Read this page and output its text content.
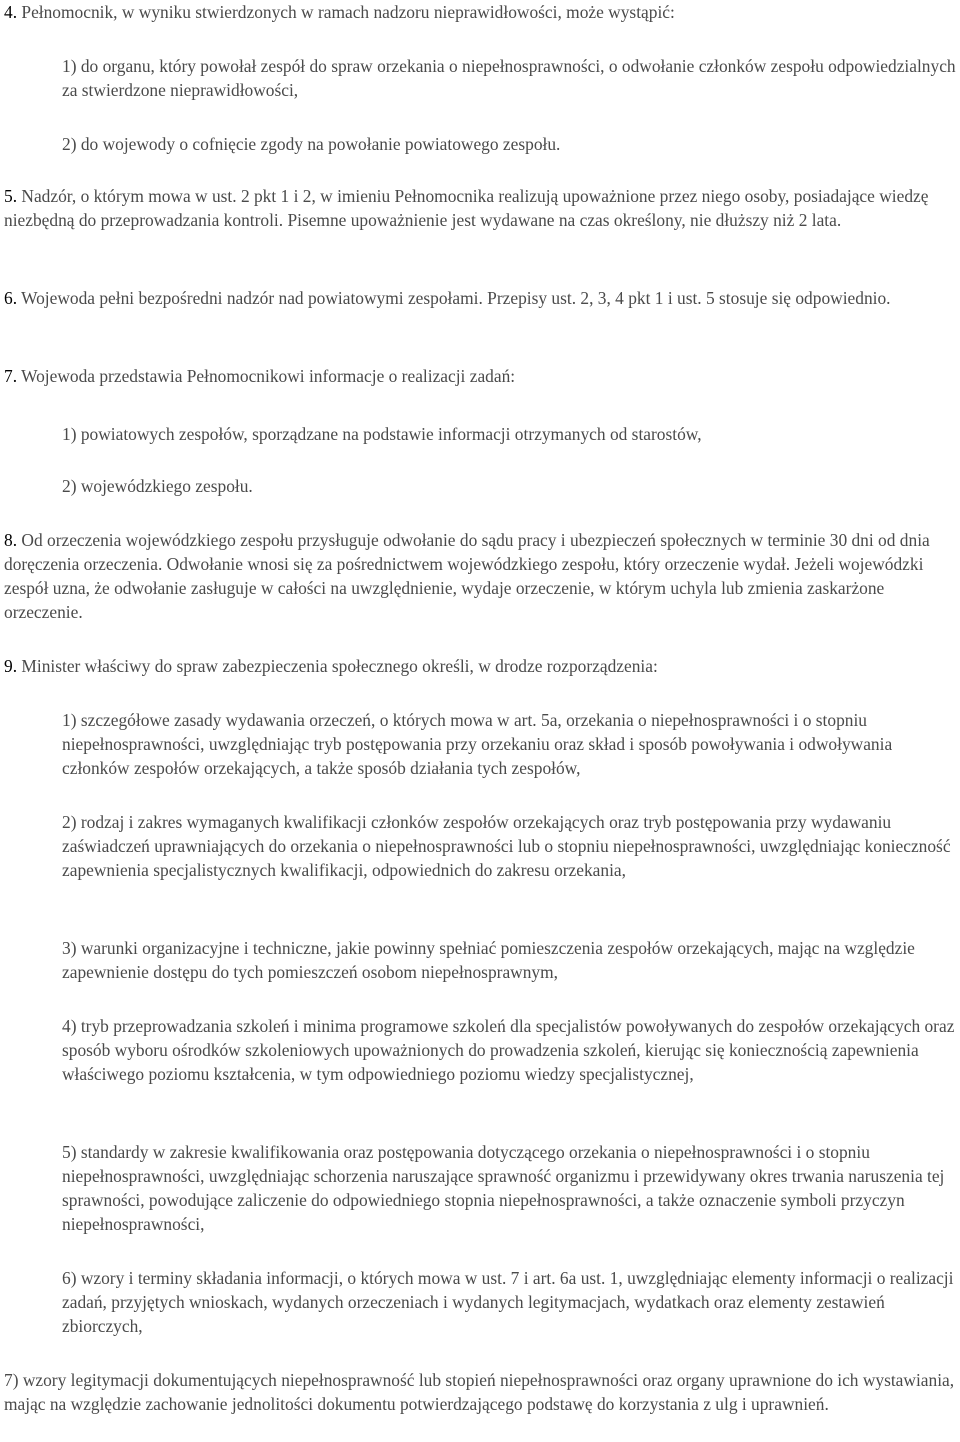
4. Pełnomocnik, w wyniku stwierdzonych w ramach nadzoru nieprawidłowości, może wystąpić:

1) do organu, który powołał zespół do spraw orzekania o niepełnosprawności, o odwołanie członków zespołu odpowiedzialnych za stwierdzone nieprawidłowości,

2) do wojewody o cofnięcie zgody na powołanie powiatowego zespołu.

5. Nadzór, o którym mowa w ust. 2 pkt 1 i 2, w imieniu Pełnomocnika realizują upoważnione przez niego osoby, posiadające wiedzę niezbędną do przeprowadzania kontroli. Pisemne upoważnienie jest wydawane na czas określony, nie dłuższy niż 2 lata.

6. Wojewoda pełni bezpośredni nadzór nad powiatowymi zespołami. Przepisy ust. 2, 3, 4 pkt 1 i ust. 5 stosuje się odpowiednio.

7. Wojewoda przedstawia Pełnomocnikowi informacje o realizacji zadań:

1) powiatowych zespołów, sporządzane na podstawie informacji otrzymanych od starostów,

2) wojewódzkiego zespołu.

8. Od orzeczenia wojewódzkiego zespołu przysługuje odwołanie do sądu pracy i ubezpieczeń społecznych w terminie 30 dni od dnia doręczenia orzeczenia. Odwołanie wnosi się za pośrednictwem wojewódzkiego zespołu, który orzeczenie wydał. Jeżeli wojewódzki zespół uzna, że odwołanie zasługuje w całości na uwzględnienie, wydaje orzeczenie, w którym uchyla lub zmienia zaskarżone orzeczenie.

9. Minister właściwy do spraw zabezpieczenia społecznego określi, w drodze rozporządzenia:

1) szczegółowe zasady wydawania orzeczeń, o których mowa w art. 5a, orzekania o niepełnosprawności i o stopniu niepełnosprawności, uwzględniając tryb postępowania przy orzekaniu oraz skład i sposób powoływania i odwoływania członków zespołów orzekających, a także sposób działania tych zespołów,

2) rodzaj i zakres wymaganych kwalifikacji członków zespołów orzekających oraz tryb postępowania przy wydawaniu zaświadczeń uprawniających do orzekania o niepełnosprawności lub o stopniu niepełnosprawności, uwzględniając konieczność zapewnienia specjalistycznych kwalifikacji, odpowiednich do zakresu orzekania,

3) warunki organizacyjne i techniczne, jakie powinny spełniać pomieszczenia zespołów orzekających, mając na względzie zapewnienie dostępu do tych pomieszczeń osobom niepełnosprawnym,

4) tryb przeprowadzania szkoleń i minima programowe szkoleń dla specjalistów powoływanych do zespołów orzekających oraz sposób wyboru ośrodków szkoleniowych upoważnionych do prowadzenia szkoleń, kierując się koniecznością zapewnienia właściwego poziomu kształcenia, w tym odpowiedniego poziomu wiedzy specjalistycznej,

5) standardy w zakresie kwalifikowania oraz postępowania dotyczącego orzekania o niepełnosprawności i o stopniu niepełnosprawności, uwzględniając schorzenia naruszające sprawność organizmu i przewidywany okres trwania naruszenia tej sprawności, powodujące zaliczenie do odpowiedniego stopnia niepełnosprawności, a także oznaczenie symboli przyczyn niepełnosprawności,

6) wzory i terminy składania informacji, o których mowa w ust. 7 i art. 6a ust. 1, uwzględniając elementy informacji o realizacji zadań, przyjętych wnioskach, wydanych orzeczeniach i wydanych legitymacjach, wydatkach oraz elementy zestawień zbiorczych,

7) wzory legitymacji dokumentujących niepełnosprawność lub stopień niepełnosprawności oraz organy uprawnione do ich wystawiania, mając na względzie zachowanie jednolitości dokumentu potwierdzającego podstawę do korzystania z ulg i uprawnień.
